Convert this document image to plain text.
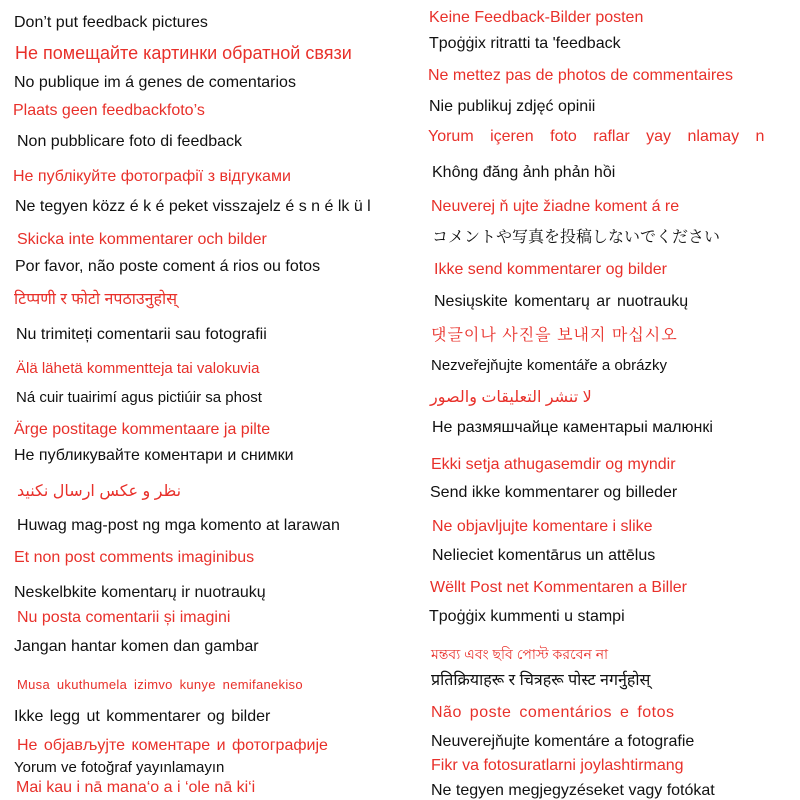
Don’t put feedback pictures
Не помещайте картинки обратной связи
No publique im á genes de comentarios
Plaats geen feedbackfoto’s
Non pubblicare foto di feedback
Не публікуйте фотографії з відгуками
Ne tegyen közz é k é peket visszajelz é s n é lk ü l
Skicka inte kommentarer och bilder
Por favor, não poste coment á rios ou fotos
टिप्पणी र फोटो नपठाउनुहोस्
Nu trimiteți comentarii sau fotografii
Älä lähetä kommentteja tai valokuvia
Ná cuir tuairimí agus pictiúir sa phost
Ärge postitage kommentaare ja pilte
Не публикувайте коментари и снимки
نظر و عکس ارسال نکنید
Huwag mag-post ng mga komento at larawan
Et non post comments imaginibus
Neskelbkite komentarų ir nuotraukų
Nu posta comentarii și imagini
Jangan hantar komen dan gambar
Musa ukuthumela izimvo kunye nemifanekiso
Ikke legg ut kommentarer og bilder
Не објављујте коментаре и фотографије
Yorum ve fotoğraf yayınlamayın
Mai kau i nā mana‘o a i ‘ole nā ki‘i
Keine Feedback-Bilder posten
Tpoġġix ritratti ta 'feedback
Ne mettez pas de photos de commentaires
Nie publikuj zdjęć opinii
Yorum içeren foto raflar yay nlamay n
Không đăng ảnh phản hồi
Neuverej ň ujte žiadne koment á re
コメントや写真を投稿しないでください
Ikke send kommentarer og bilder
Nesiųskite komentarų ar nuotraukų
댓글이나 사진을 보내지 마십시오
Nezveřejňujte komentáře a obrázky
لا تنشر التعليقات والصور
Не размяшчайце каментарыі малюнкі
Ekki setja athugasemdir og myndir
Send ikke kommentarer og billeder
Ne objavljujte komentare i slike
Nelieciet komentārus un attēlus
Wëllt Post net Kommentaren a Biller
Tpoġġix kummenti u stampi
মন্তব্য এবং ছবি পোস্ট করবেন না
प्रतिक्रियाहरू र चित्रहरू पोस्ट नगर्नुहोस्
Não poste comentários e fotos
Neuverejňujte komentáre a fotografie
Fikr va fotosuratlarni joylashtirmang
Ne tegyen megjegyzéseket vagy fotókat
